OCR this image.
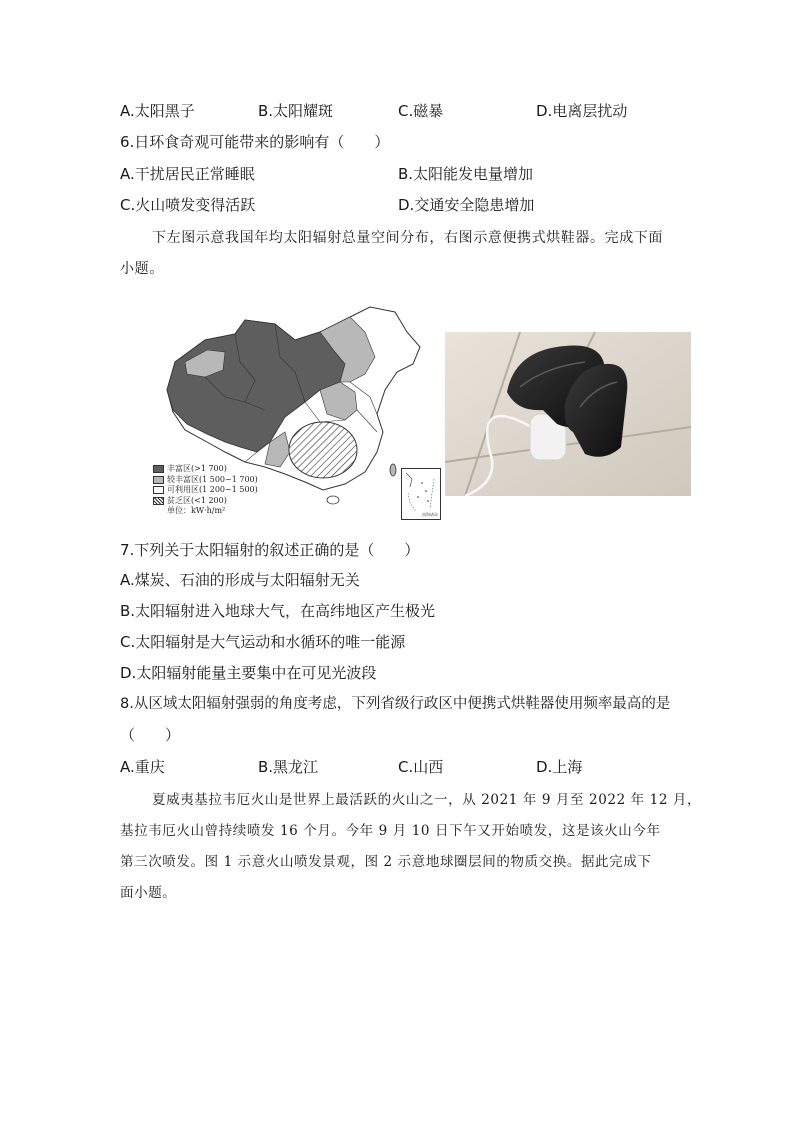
A.太阳黑子	B.太阳耀斑	C.磁暴	D.电离层扰动
6.日环食奇观可能带来的影响有（　　）
A.干扰居民正常睡眠	B.太阳能发电量增加
C.火山喷发变得活跃	D.交通安全隐患增加
下左图示意我国年均太阳辐射总量空间分布，右图示意便携式烘鞋器。完成下面
小题。
丰富区(>1 700)
较丰富区(1 500~1 700)
可利用区(1 200~1 500)
贫乏区(<1 200)
单位：kW·h/m²	南海诸岛
7.下列关于太阳辐射的叙述正确的是（　　）
A.煤炭、石油的形成与太阳辐射无关
B.太阳辐射进入地球大气，在高纬地区产生极光
C.太阳辐射是大气运动和水循环的唯一能源
D.太阳辐射能量主要集中在可见光波段
8.从区域太阳辐射强弱的角度考虑，下列省级行政区中便携式烘鞋器使用频率最高的是
（　　）
A.重庆	B.黑龙江	C.山西	D.上海
夏威夷基拉韦厄火山是世界上最活跃的火山之一，从 2021 年 9 月至 2022 年 12 月，
基拉韦厄火山曾持续喷发 16 个月。今年 9 月 10 日下午又开始喷发，这是该火山今年
第三次喷发。图 1 示意火山喷发景观，图 2 示意地球圈层间的物质交换。据此完成下
面小题。
